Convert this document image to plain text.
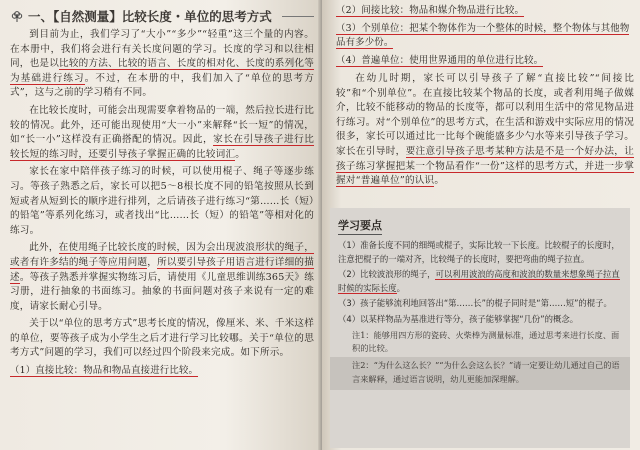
一、【自然测量】比较长度・单位的思考方式

到目前为止，我们学习了“大小”“多少”“轻重”这三个量的内容。在本册中，我们将会进行有关长度问题的学习。长度的学习和以往相同，也是以比较的方法、比较的语言、长度的相对化、长度的系列化等为基础进行练习。不过，在本册的中，我们加入了“单位的思考方式”，这与之前的学习稍有不同。

在比较长度时，可能会出现需要拿着物品的一端，然后拉长进行比较的情况。此外，还可能出现使用“大一小”来解释“长一短”的情况，如“长一小”这样没有正确搭配的情况。因此，家长在引导孩子进行比较长短的练习时，还要引导孩子掌握正确的比较词汇。

家长在家中陪伴孩子练习的时候，可以使用棍子、绳子等逐步练习。等孩子熟悉之后，家长可以把5～8根长度不同的铅笔按照从长到短或者从短到长的顺序进行排列，之后请孩子进行练习“第……长（短）的铅笔”等系列化练习，或者找出“比……长（短）的铅笔”等相对化的练习。

此外，在使用绳子比较长度的时候，因为会出现波浪形状的绳子，或者有许多结的绳子等应用问题，所以要引导孩子用语言进行详细的描述。等孩子熟悉并掌握实物练习后，请使用《儿童思维训练365天》练习册，进行抽象的书面练习。抽象的书面问题对孩子来说有一定的难度，请家长耐心引导。

关于以“单位的思考方式”思考长度的情况，像厘米、米、千米这样的单位，要等孩子成为小学生之后才进行学习比较哪。关于“单位的思考方式”问题的学习，我们可以经过四个阶段来完成。如下所示。

（1）直接比较：物品和物品直接进行比较。

（2）间接比较：物品和媒介物品进行比较。

（3）个别单位：把某个物体作为一个整体的时候，整个物体与其他物品有多少份。

（4）普遍单位：使用世界通用的单位进行比较。

在幼儿时期，家长可以引导孩子了解“直接比较”“间接比较”和“个别单位”。在直接比较某个物品的长度，或者利用绳子做媒介，比较不能移动的物品的长度等，都可以利用生活中的常见物品进行练习。对“个别单位”的思考方式，在生活和游戏中实际应用的情况很多，家长可以通过比一比每个碗能盛多少勺水等来引导孩子学习。家长在引导时，要注意引导孩子思考某种方法是不是一个好办法，让孩子练习掌握把某一个物品看作“一份”这样的思考方式，并进一步掌握对“普遍单位”的认识。

学习要点
（1）准备长度不同的细绳或棍子，实际比较一下长度。比较棍子的长度时，注意把棍子的一端对齐，比较绳子的长度时，要把弯曲的绳子拉直。
（2）比较波浪形的绳子，可以利用波浪的高度和波浪的数量来想象绳子拉直时候的实际长度。
（3）孩子能够流利地回答出“第……长”的棍子同时是“第……短”的棍子。
（4）以某样物品为基准进行等分，孩子能够掌握“几份”的概念。
注1：能够用四方形的瓷砖、火柴棒为测量标准，通过思考来进行长度、面积的比较。
注2：“为什么这么长？”“为什么会这么长？”请一定要让幼儿通过自己的语言来解释，通过语言说明，幼儿更能加深理解。
